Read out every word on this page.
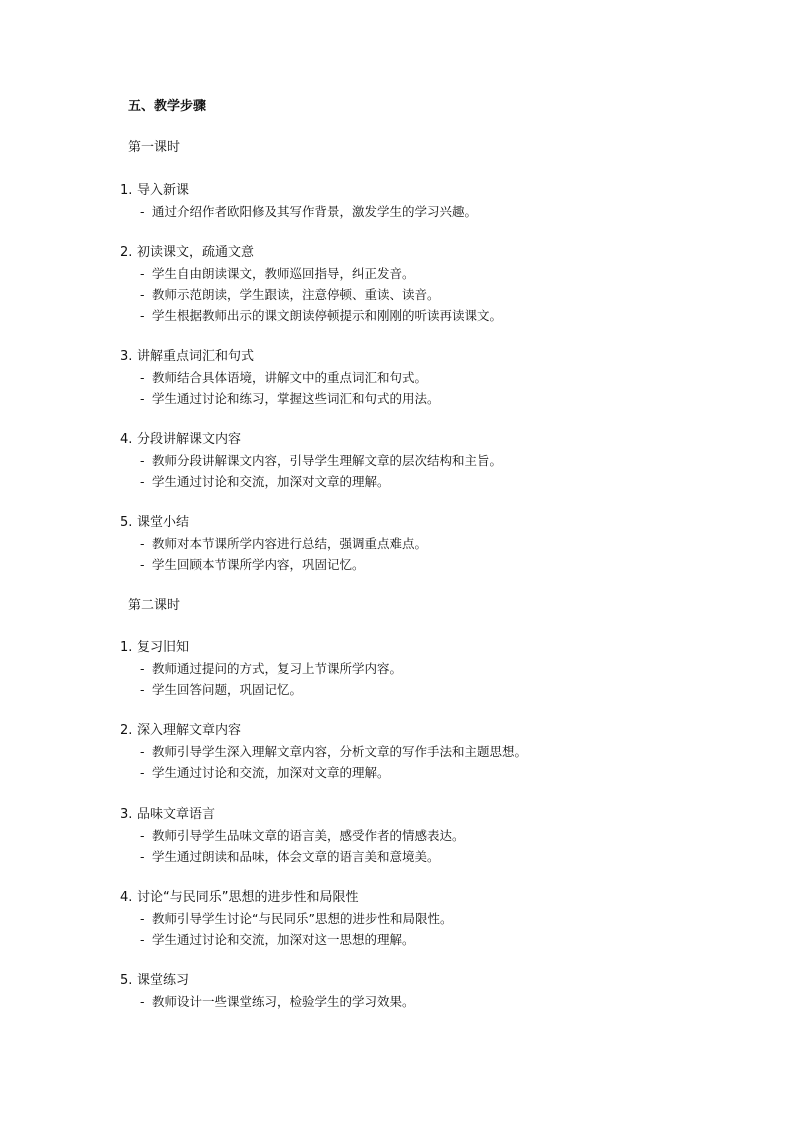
五、教学步骤
第一课时
1. 导入新课
- 通过介绍作者欧阳修及其写作背景，激发学生的学习兴趣。
2. 初读课文，疏通文意
- 学生自由朗读课文，教师巡回指导，纠正发音。
- 教师示范朗读，学生跟读，注意停顿、重读、读音。
- 学生根据教师出示的课文朗读停顿提示和刚刚的听读再读课文。
3. 讲解重点词汇和句式
- 教师结合具体语境，讲解文中的重点词汇和句式。
- 学生通过讨论和练习，掌握这些词汇和句式的用法。
4. 分段讲解课文内容
- 教师分段讲解课文内容，引导学生理解文章的层次结构和主旨。
- 学生通过讨论和交流，加深对文章的理解。
5. 课堂小结
- 教师对本节课所学内容进行总结，强调重点难点。
- 学生回顾本节课所学内容，巩固记忆。
第二课时
1. 复习旧知
- 教师通过提问的方式，复习上节课所学内容。
- 学生回答问题，巩固记忆。
2. 深入理解文章内容
- 教师引导学生深入理解文章内容，分析文章的写作手法和主题思想。
- 学生通过讨论和交流，加深对文章的理解。
3. 品味文章语言
- 教师引导学生品味文章的语言美，感受作者的情感表达。
- 学生通过朗读和品味，体会文章的语言美和意境美。
4. 讨论“与民同乐”思想的进步性和局限性
- 教师引导学生讨论“与民同乐”思想的进步性和局限性。
- 学生通过讨论和交流，加深对这一思想的理解。
5. 课堂练习
- 教师设计一些课堂练习，检验学生的学习效果。
